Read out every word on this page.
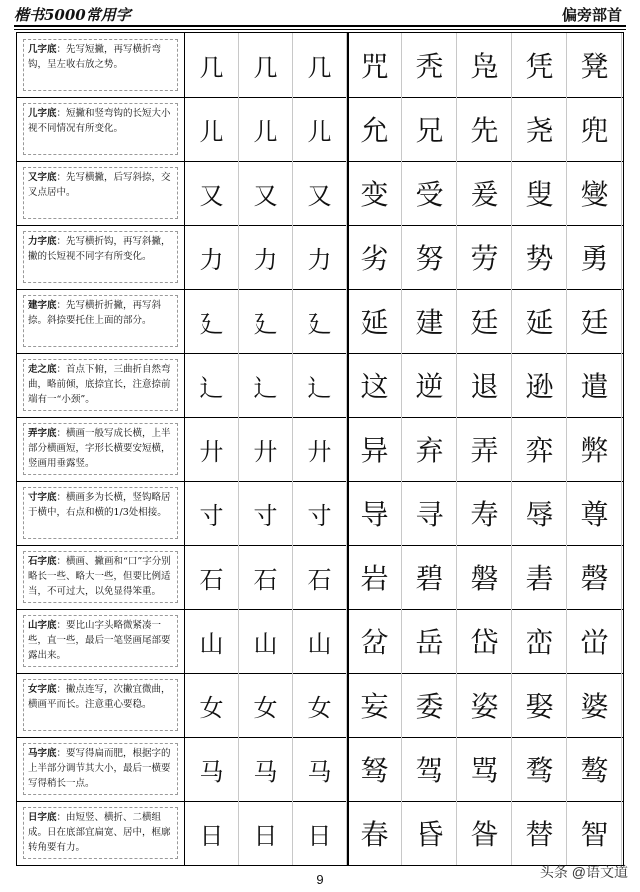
楷书5000常用字	偏旁部首
几字底：先写短撇，再写横折弯钩，呈左收右放之势。	几	几	几	咒 秃 凫 凭 凳
儿字底：短撇和竖弯钩的长短大小视不同情况有所变化。	儿	儿	儿	允 兄 先 尧 兜
又字底：先写横撇，后写斜捺，交叉点居中。	又	又	又	变 受 爰 叟 燮
力字底：先写横折钩，再写斜撇，撇的长短视不同字有所变化。	力	力	力	劣 努 劳 势 勇
建字底：先写横折折撇，再写斜捺。斜捺要托住上面的部分。	廴	廴	廴	延 建 廷 延 廷
走之底：首点下俯，三曲折自然弯曲，略前倾，底捺宜长，注意捺前端有一“小颈”。	辶	辶	辶	这 逆 退 逊 遣
弄字底：横画一般写成长横，上半部分横画短，字形长横要安短横，竖画用垂露竖。	廾	廾	廾	异 弃 弄 弈 弊
寸字底：横画多为长横，竖钩略居于横中，右点和横的1/3处相接。	寸	寸	寸	导 寻 寿 辱 尊
石字底：横画、撇画和“口”字分别略长一些、略大一些，但要比例适当，不可过大，以免显得笨重。	石	石	石	岩 碧 磐 砉 磬
山字底：要比山字头略微紧凑一些，直一些，最后一笔竖画尾部要露出来。	山	山	山	岔 岳 岱 峦 峃
女字底：撇点连写，次撇宜微曲，横画平而长。注意重心要稳。	女	女	女	妄 委 姿 娶 婆
马字底：要写得扁而肥，根据字的上半部分调节其大小，最后一横要写得稍长一点。	马	马	马	驽 驾 骂 骛 骜
日字底：由短竖、横折、二横组成。日在底部宜扁宽、居中，框廓转角要有力。	日	日	日	春 昏 昝 替 智
9	头条 @语文道
